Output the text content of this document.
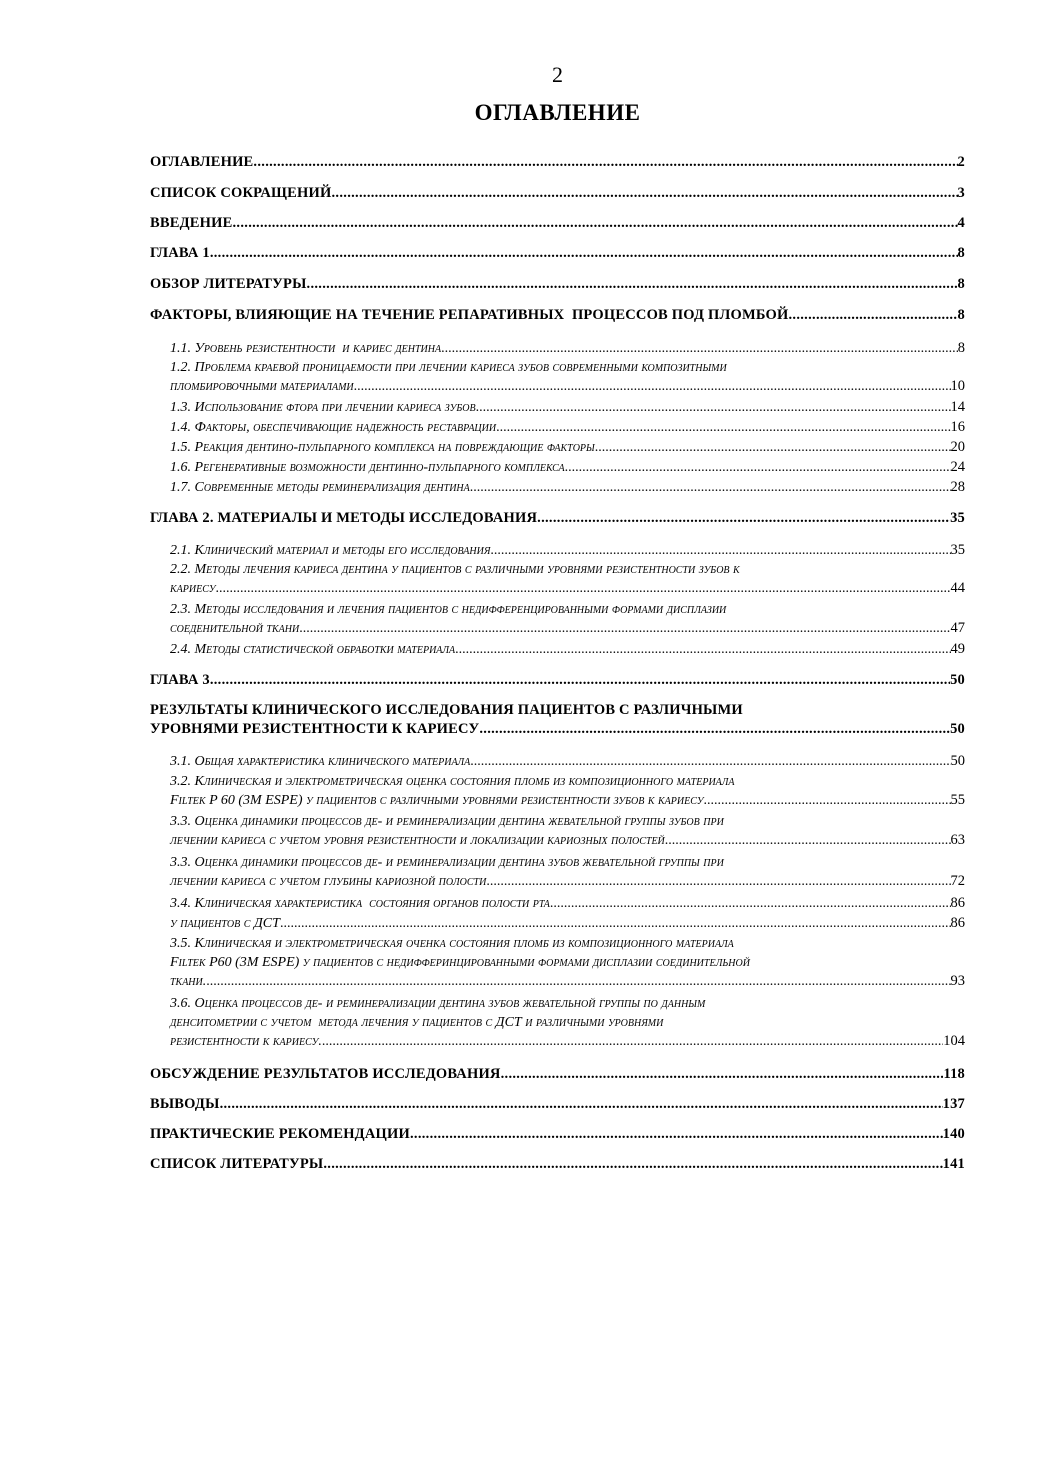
2
ОГЛАВЛЕНИЕ
ОГЛАВЛЕНИЕ .....	2
СПИСОК СОКРАЩЕНИЙ .....	3
ВВЕДЕНИЕ .....	4
ГЛАВА 1 .....	8
ОБЗОР ЛИТЕРАТУРЫ .....	8
ФАКТОРЫ, ВЛИЯЮЩИЕ НА ТЕЧЕНИЕ РЕПАРАТИВНЫХ  ПРОЦЕССОВ ПОД ПЛОМБОЙ .....	8
1.1. Уровень резистентности  и кариес дентина .....	8
1.2. Проблема краевой проницаемости при лечении кариеса зубов современными композитными
пломбировочными материалами .....	10
1.3. Использование фтора при лечении кариеса зубов .....	14
1.4. Факторы, обеспечивающие надежность реставрации .....	16
1.5. Реакция дентино-пульпарного комплекса на повреждающие факторы .....	20
1.6. Регенеративные возможности дентинно-пульпарного комплекса .....	24
1.7. Современные методы реминерализация дентина .....	28
ГЛАВА 2. МАТЕРИАЛЫ И МЕТОДЫ ИССЛЕДОВАНИЯ .....	35
2.1. Клинический материал и методы его исследования .....	35
2.2. Методы лечения кариеса дентина у пациентов с различными уровнями резистентности зубов к
кариесу .....	44
2.3. Методы исследования и лечения пациентов с недифференцированными формами дисплазии
соеденительной ткани .....	47
2.4. Методы статистической обработки материала .....	49
ГЛАВА 3 .....	50
РЕЗУЛЬТАТЫ КЛИНИЧЕСКОГО ИССЛЕДОВАНИЯ ПАЦИЕНТОВ С РАЗЛИЧНЫМИ
УРОВНЯМИ РЕЗИСТЕНТНОСТИ К КАРИЕСУ .....	50
3.1. Общая характеристика клинического материала .....	50
3.2. Клиническая и электрометрическая оценка состояния пломб из композиционного материала
Filtek P 60 (3M ESPE) у пациентов с различными уровнями резистентности зубов к кариесу .....	55
3.3. Оценка динамики процессов де- и реминерализации дентина жевательной группы зубов при
лечении кариеса с учетом уровня резистентности и локализации кариозных полостей .....	63
3.3. Оценка динамики процессов де- и реминерализации дентина зубов жевательной группы при
лечении кариеса с учетом глубины кариозной полости .....	72
3.4. Клиническая характеристика  состояния органов полости рта .....	86
у пациентов с ДСТ .....	86
3.5. Клиническая и электрометрическая оченка состояния пломб из композиционного материала
Filtek P60 (3M ESPE) у пациентов с недифферинцированными формами дисплазии соединительной
ткани. .....	93
3.6. Оценка процессов де- и реминерализации дентина зубов жевательной группы по данным
денситометрии с учетом  метода лечения у пациентов с ДСТ и различными уровнями
резистентности к кариесу. .....	104
ОБСУЖДЕНИЕ РЕЗУЛЬТАТОВ ИССЛЕДОВАНИЯ .....	118
ВЫВОДЫ .....	137
ПРАКТИЧЕСКИЕ РЕКОМЕНДАЦИИ .....	140
СПИСОК ЛИТЕРАТУРЫ .....	141
